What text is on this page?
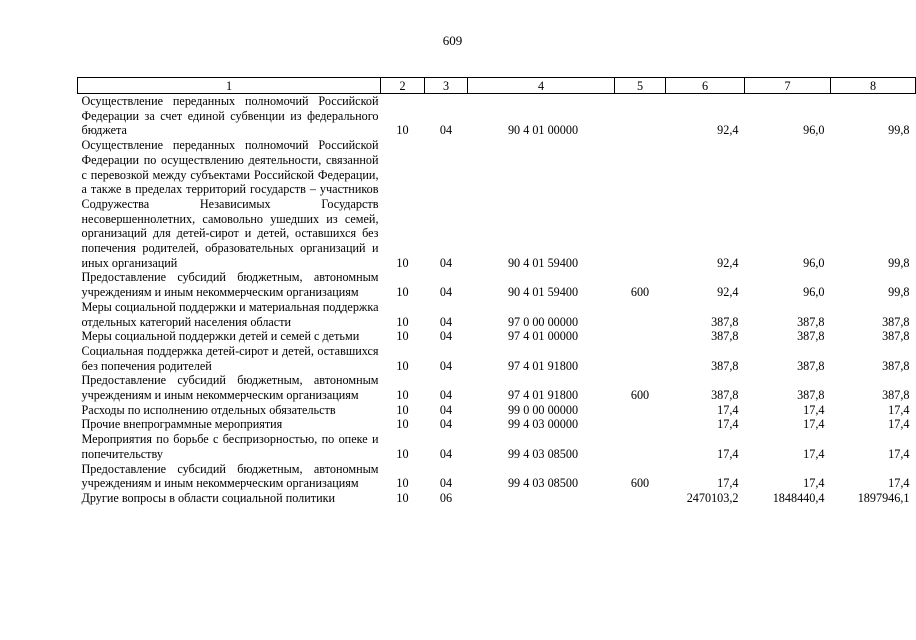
609
1	2	3	4	5	6	7	8
Осуществление переданных полномочий Российской Федерации за счет единой субвенции из федерального бюджета	10	04	90 4 01 00000		92,4	96,0	99,8
Осуществление переданных полномочий Российской Федерации по осуществлению деятельности, связанной с перевозкой между субъектами Российской Федерации, а также в пределах территорий государств – участников Содружества Независимых Государств несовершеннолетних, самовольно ушедших из семей, организаций для детей-сирот и детей, оставшихся без попечения родителей, образовательных организаций и иных организаций	10	04	90 4 01 59400		92,4	96,0	99,8
Предоставление субсидий бюджетным, автономным учреждениям и иным некоммерческим организациям	10	04	90 4 01 59400	600	92,4	96,0	99,8
Меры социальной поддержки и материальная поддержка отдельных категорий населения области	10	04	97 0 00 00000		387,8	387,8	387,8
Меры социальной поддержки детей и семей с детьми	10	04	97 4 01 00000		387,8	387,8	387,8
Социальная поддержка детей-сирот и детей, оставшихся без попечения родителей	10	04	97 4 01 91800		387,8	387,8	387,8
Предоставление субсидий бюджетным, автономным учреждениям и иным некоммерческим организациям	10	04	97 4 01 91800	600	387,8	387,8	387,8
Расходы по исполнению отдельных обязательств	10	04	99 0 00 00000		17,4	17,4	17,4
Прочие внепрограммные мероприятия	10	04	99 4 03 00000		17,4	17,4	17,4
Мероприятия по борьбе с беспризорностью, по опеке и попечительству	10	04	99 4 03 08500		17,4	17,4	17,4
Предоставление субсидий бюджетным, автономным учреждениям и иным некоммерческим организациям	10	04	99 4 03 08500	600	17,4	17,4	17,4
Другие вопросы в области социальной политики	10	06			2470103,2	1848440,4	1897946,1
